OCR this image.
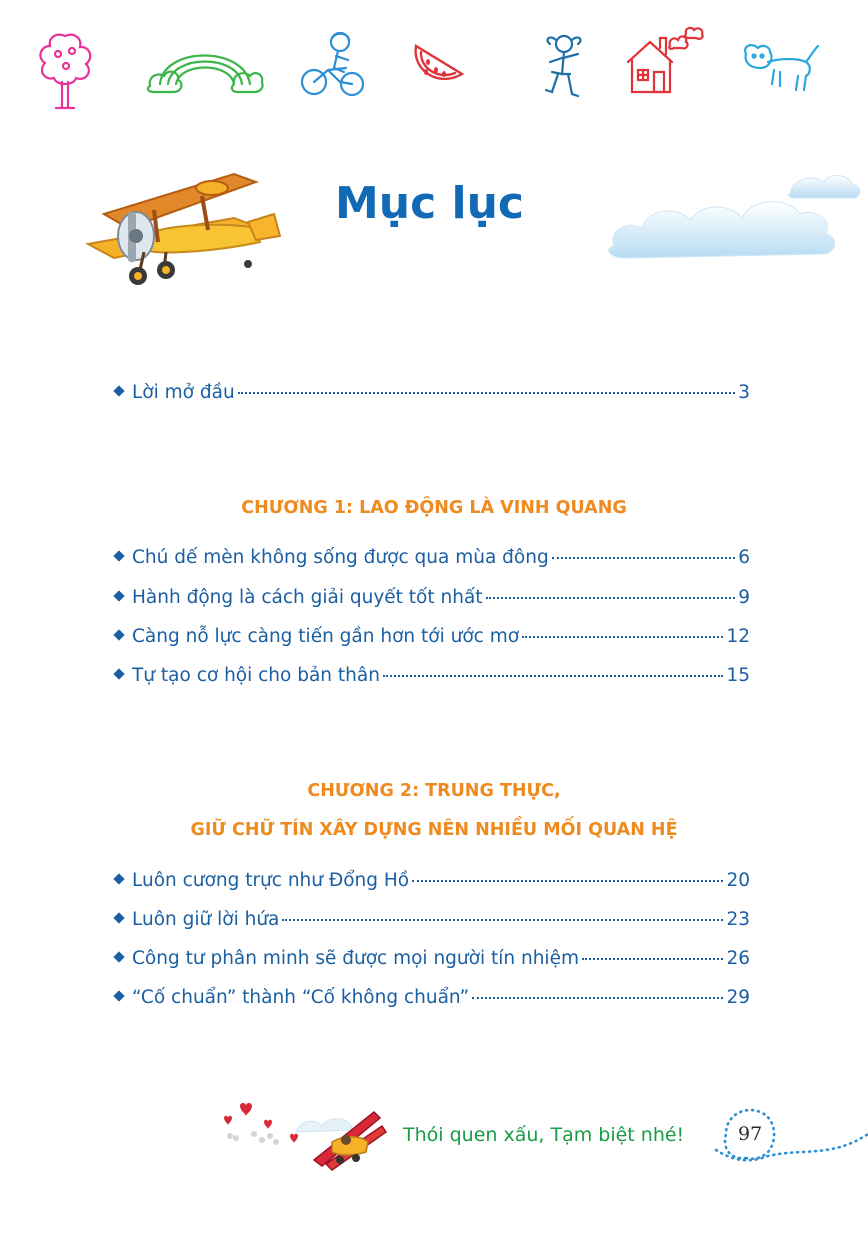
Mục lục
Lời mở đầu	3
CHƯƠNG 1: LAO ĐỘNG LÀ VINH QUANG
Chú dế mèn không sống được qua mùa đông	6
Hành động là cách giải quyết tốt nhất	9
Càng nỗ lực càng tiến gần hơn tới ước mơ	12
Tự tạo cơ hội cho bản thân	15
CHƯƠNG 2: TRUNG THỰC,
GIỮ CHỮ TÍN XÂY DỰNG NÊN NHIỀU MỐI QUAN HỆ
Luôn cương trực như Đổng Hồ	20
Luôn giữ lời hứa	23
Công tư phân minh sẽ được mọi người tín nhiệm	26
“Cố chuẩn” thành “Cố không chuẩn”	29
Thói quen xấu, Tạm biệt nhé!	97
